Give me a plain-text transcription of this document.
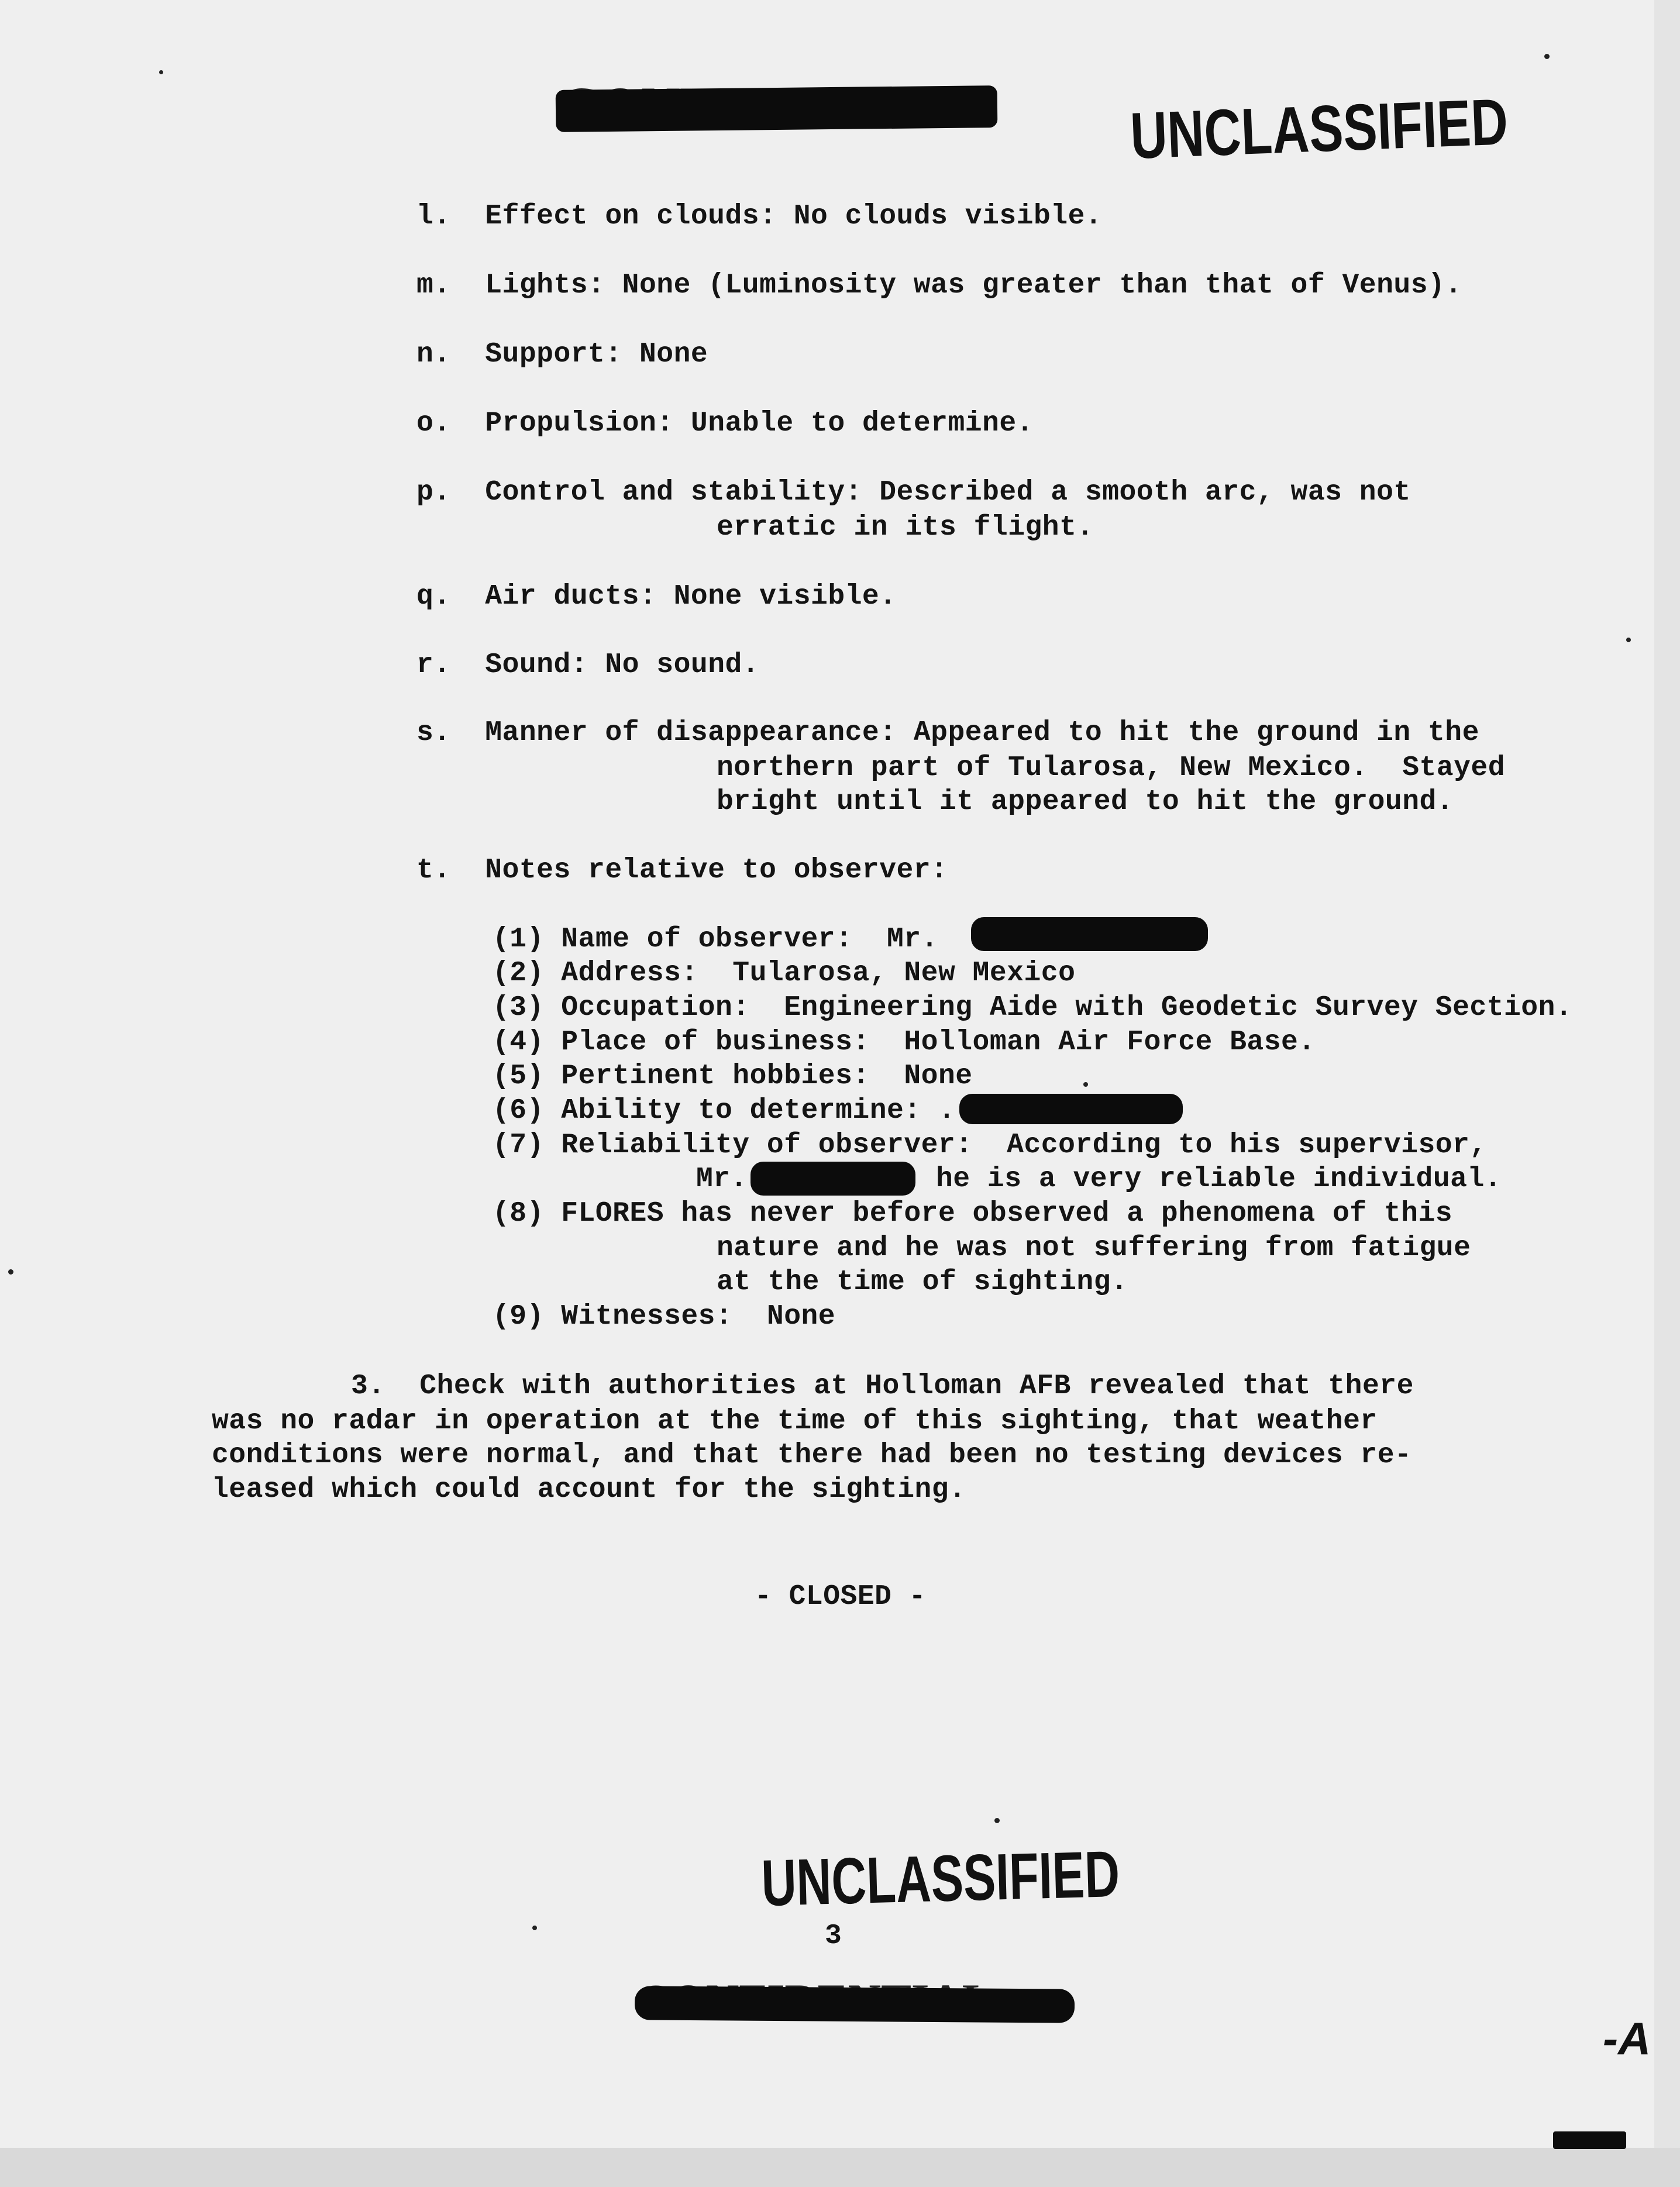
UNCLASSIFIED
l. Effect on clouds: No clouds visible.
m. Lights: None (Luminosity was greater than that of Venus).
n. Support: None
o. Propulsion: Unable to determine.
p. Control and stability: Described a smooth arc, was not
erratic in its flight.
q. Air ducts: None visible.
r. Sound: No sound.
s. Manner of disappearance: Appeared to hit the ground in the
northern part of Tularosa, New Mexico.  Stayed
bright until it appeared to hit the ground.
t. Notes relative to observer:
(1) Name of observer: Mr.
(2) Address: Tularosa, New Mexico
(3) Occupation: Engineering Aide with Geodetic Survey Section.
(4) Place of business: Holloman Air Force Base.
(5) Pertinent hobbies: None
(6) Ability to determine: .
(7) Reliability of observer: According to his supervisor,
Mr.	he is a very reliable individual.
(8) FLORES has never before observed a phenomena of this
nature and he was not suffering from fatigue
at the time of sighting.
(9) Witnesses: None
3.  Check with authorities at Holloman AFB revealed that there
was no radar in operation at the time of this sighting, that weather
conditions were normal, and that there had been no testing devices re-
leased which could account for the sighting.
- CLOSED -
UNCLASSIFIED
3
-A
